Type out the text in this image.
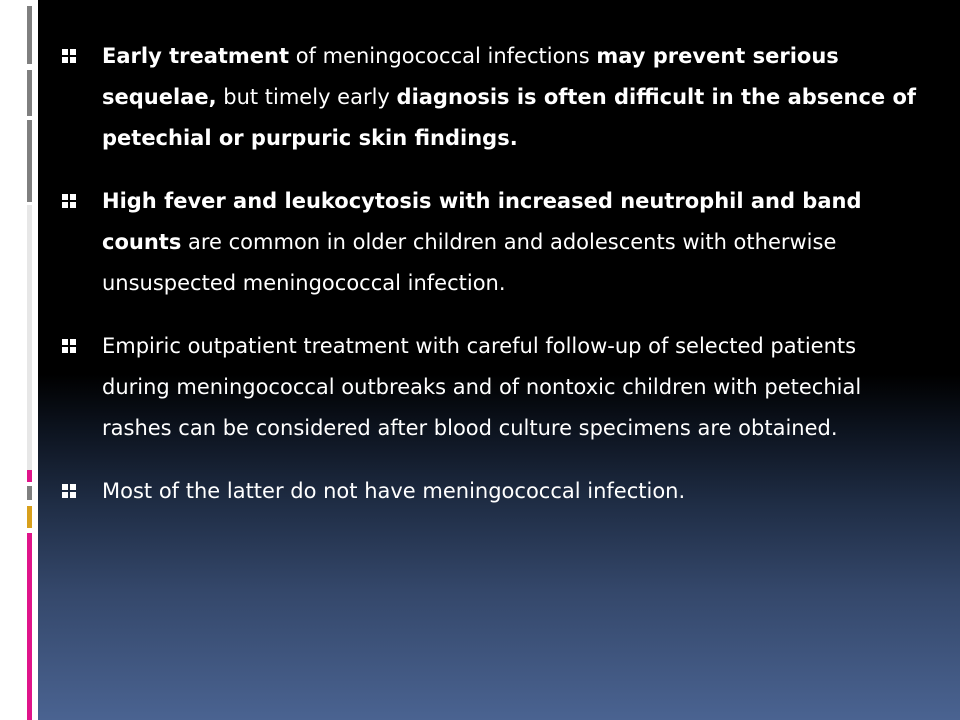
Early treatment of meningococcal infections may prevent serious sequelae, but timely early diagnosis is often difficult in the absence of petechial or purpuric skin findings.
High fever and leukocytosis with increased neutrophil and band counts are common in older children and adolescents with otherwise unsuspected meningococcal infection.
Empiric outpatient treatment with careful follow-up of selected patients during meningococcal outbreaks and of nontoxic children with petechial rashes can be considered after blood culture specimens are obtained.
Most of the latter do not have meningococcal infection.
